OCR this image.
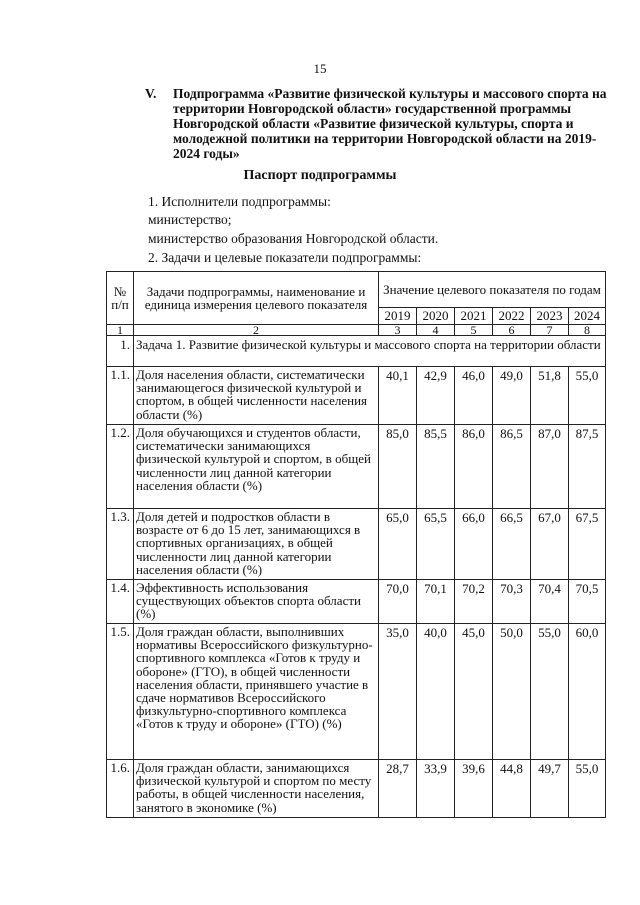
15
V. Подпрограмма «Развитие физической культуры и массового спорта на территории Новгородской области» государственной программы Новгородской области «Развитие физической культуры, спорта и молодежной политики на территории Новгородской области на 2019-2024 годы»
Паспорт подпрограммы
1. Исполнители подпрограммы:
министерство;
министерство образования Новгородской области.
2. Задачи и целевые показатели подпрограммы:
№ п/п	Задачи подпрограммы, наименование и единица измерения целевого показателя	Значение целевого показателя по годам					
		2019	2020	2021	2022	2023	2024
1	2	3	4	5	6	7	8
1.	Задача 1. Развитие физической культуры и массового спорта на территории области						
1.1.	Доля населения области, систематически занимающегося физической культурой и спортом, в общей численности населения области (%)	40,1	42,9	46,0	49,0	51,8	55,0
1.2.	Доля обучающихся и студентов области, систематически занимающихся физической культурой и спортом, в общей численности лиц данной категории населения области (%)	85,0	85,5	86,0	86,5	87,0	87,5
1.3.	Доля детей и подростков области в возрасте от 6 до 15 лет, занимающихся в спортивных организациях, в общей численности лиц данной категории населения области (%)	65,0	65,5	66,0	66,5	67,0	67,5
1.4.	Эффективность использования существующих объектов спорта области (%)	70,0	70,1	70,2	70,3	70,4	70,5
1.5.	Доля граждан области, выполнивших нормативы Всероссийского физкультурно-спортивного комплекса «Готов к труду и обороне» (ГТО), в общей численности населения области, принявшего участие в сдаче нормативов Всероссийского физкультурно-спортивного комплекса «Готов к труду и обороне» (ГТО) (%)	35,0	40,0	45,0	50,0	55,0	60,0
1.6.	Доля граждан области, занимающихся физической культурой и спортом по месту работы, в общей численности населения, занятого в экономике (%)	28,7	33,9	39,6	44,8	49,7	55,0
